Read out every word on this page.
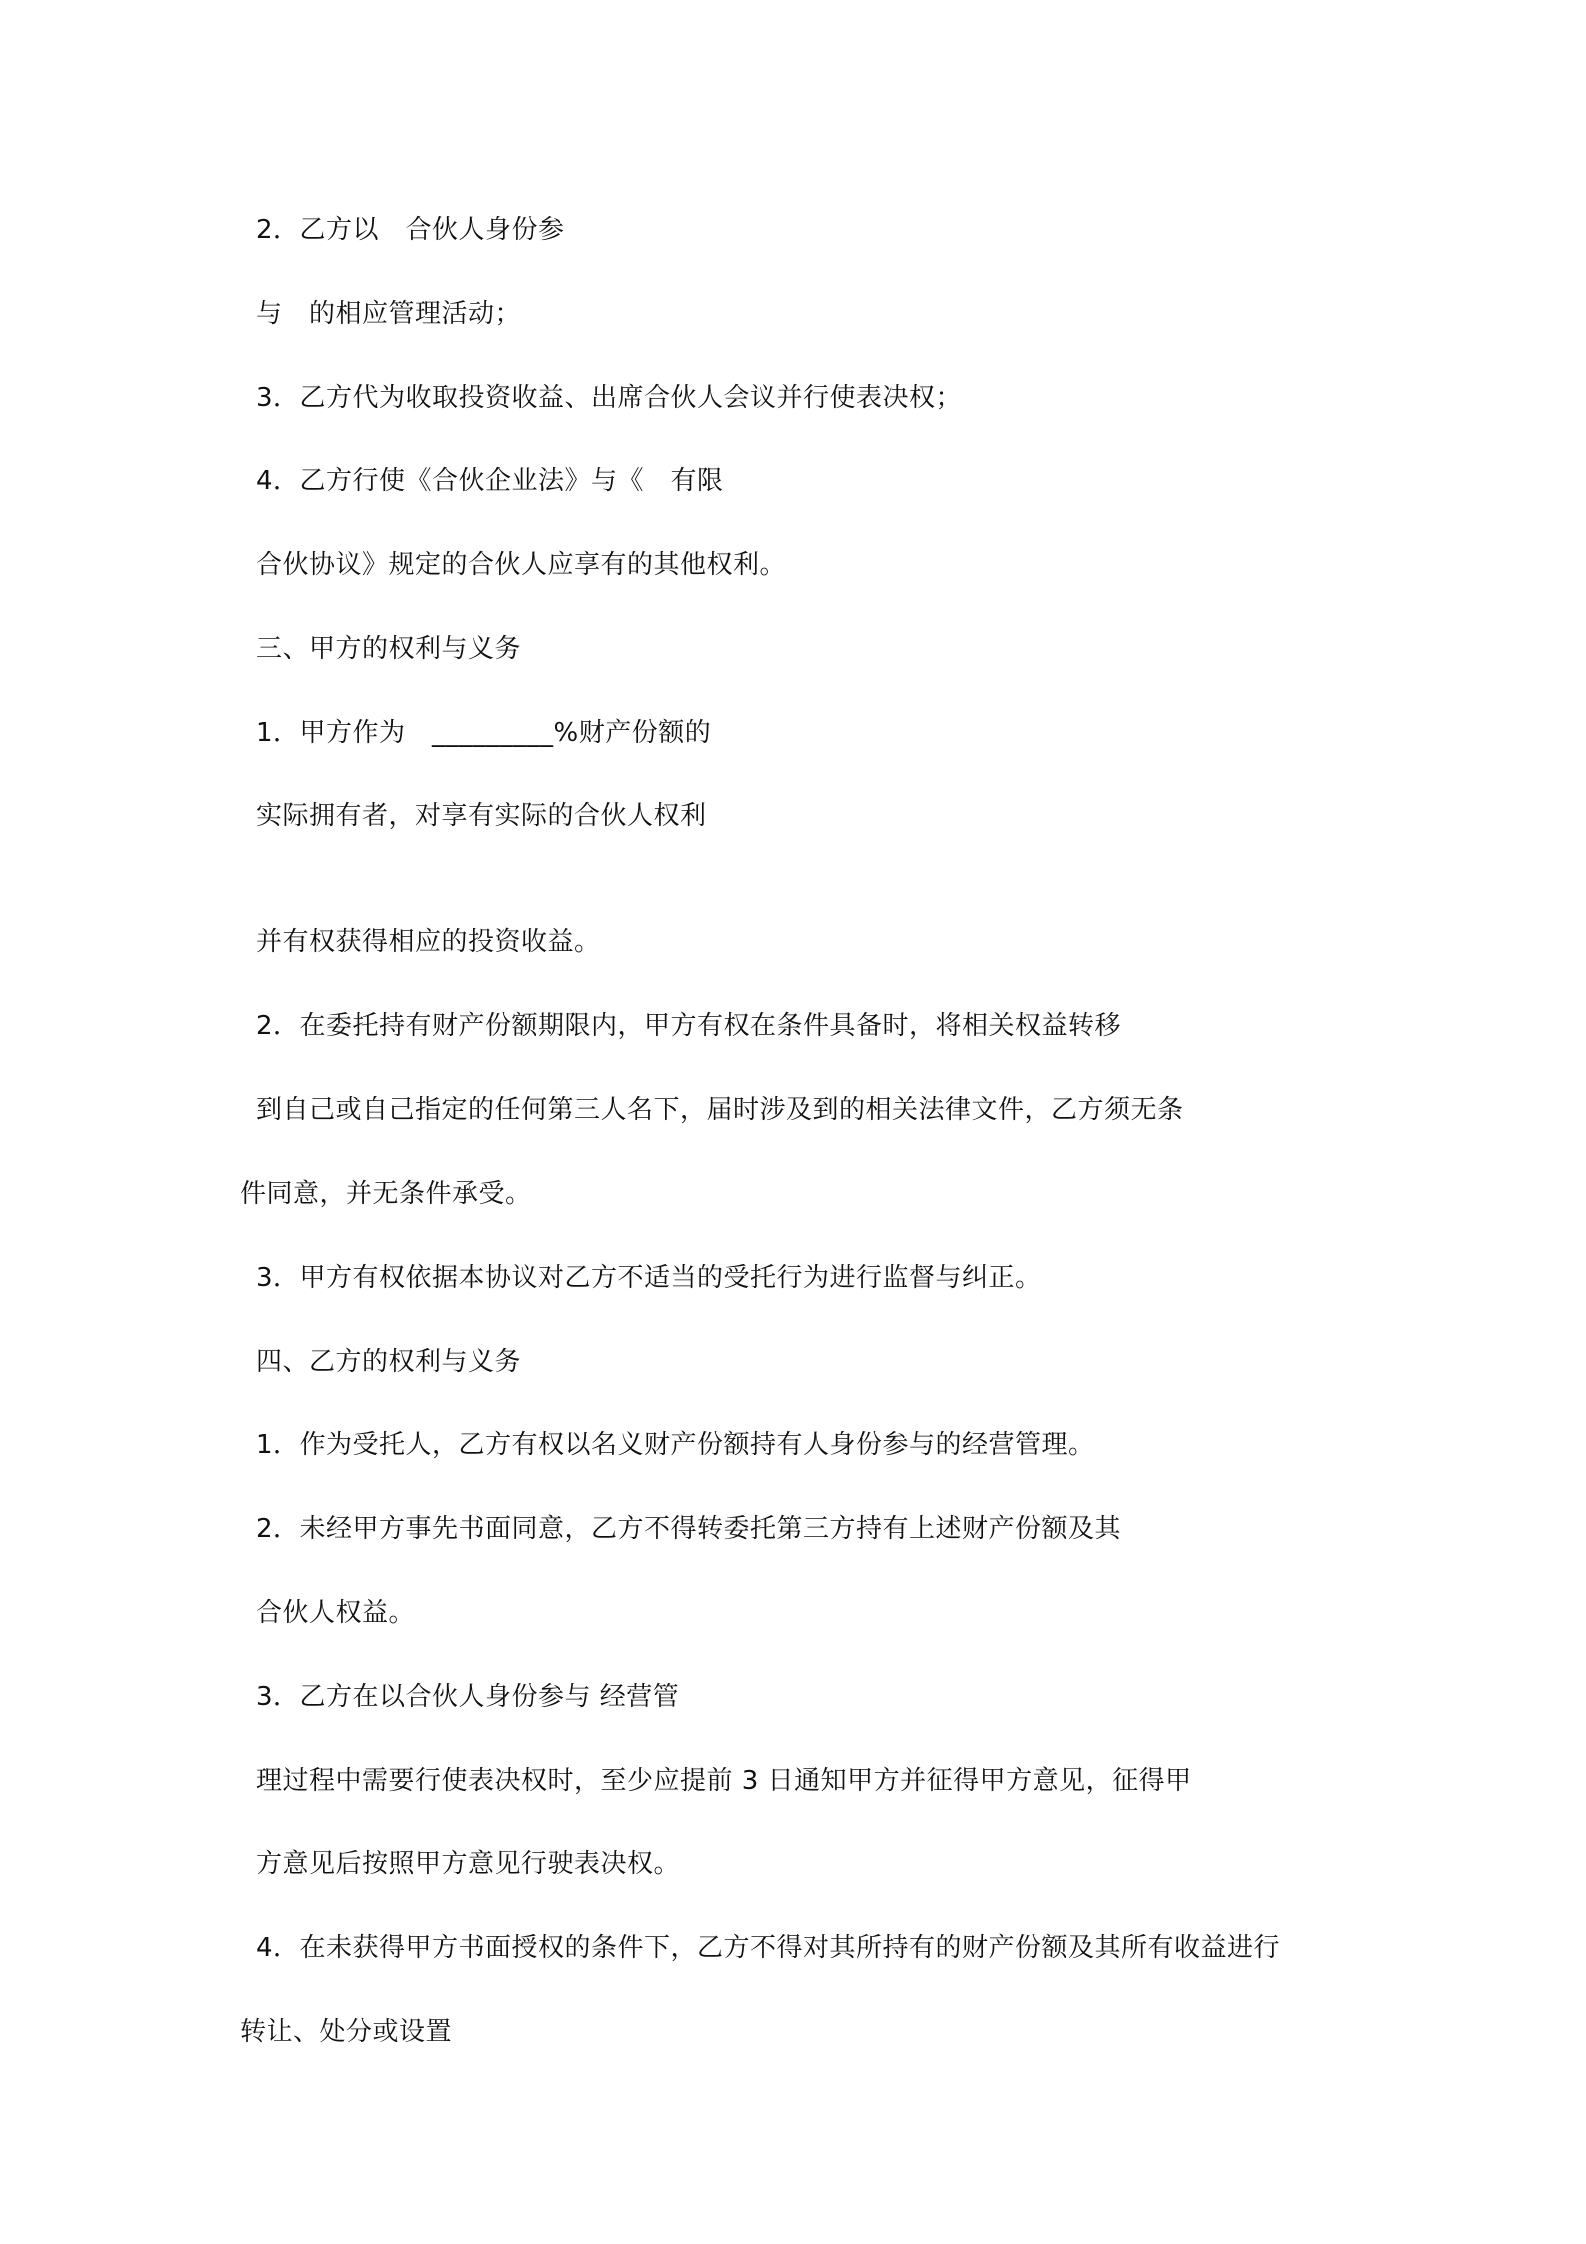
2．乙方以　合伙人身份参
与　的相应管理活动；
3．乙方代为收取投资收益、出席合伙人会议并行使表决权；
4．乙方行使《合伙企业法》与《　有限
合伙协议》规定的合伙人应享有的其他权利。
三、甲方的权利与义务
1．甲方作为　_________%财产份额的
实际拥有者，对享有实际的合伙人权利
并有权获得相应的投资收益。
2．在委托持有财产份额期限内，甲方有权在条件具备时，将相关权益转移
到自己或自己指定的任何第三人名下，届时涉及到的相关法律文件，乙方须无条
件同意，并无条件承受。
3．甲方有权依据本协议对乙方不适当的受托行为进行监督与纠正。
四、乙方的权利与义务
1．作为受托人，乙方有权以名义财产份额持有人身份参与的经营管理。
2．未经甲方事先书面同意，乙方不得转委托第三方持有上述财产份额及其
合伙人权益。
3．乙方在以合伙人身份参与 经营管
理过程中需要行使表决权时，至少应提前 3 日通知甲方并征得甲方意见，征得甲
方意见后按照甲方意见行驶表决权。
4．在未获得甲方书面授权的条件下，乙方不得对其所持有的财产份额及其所有收益进行
转让、处分或设置
